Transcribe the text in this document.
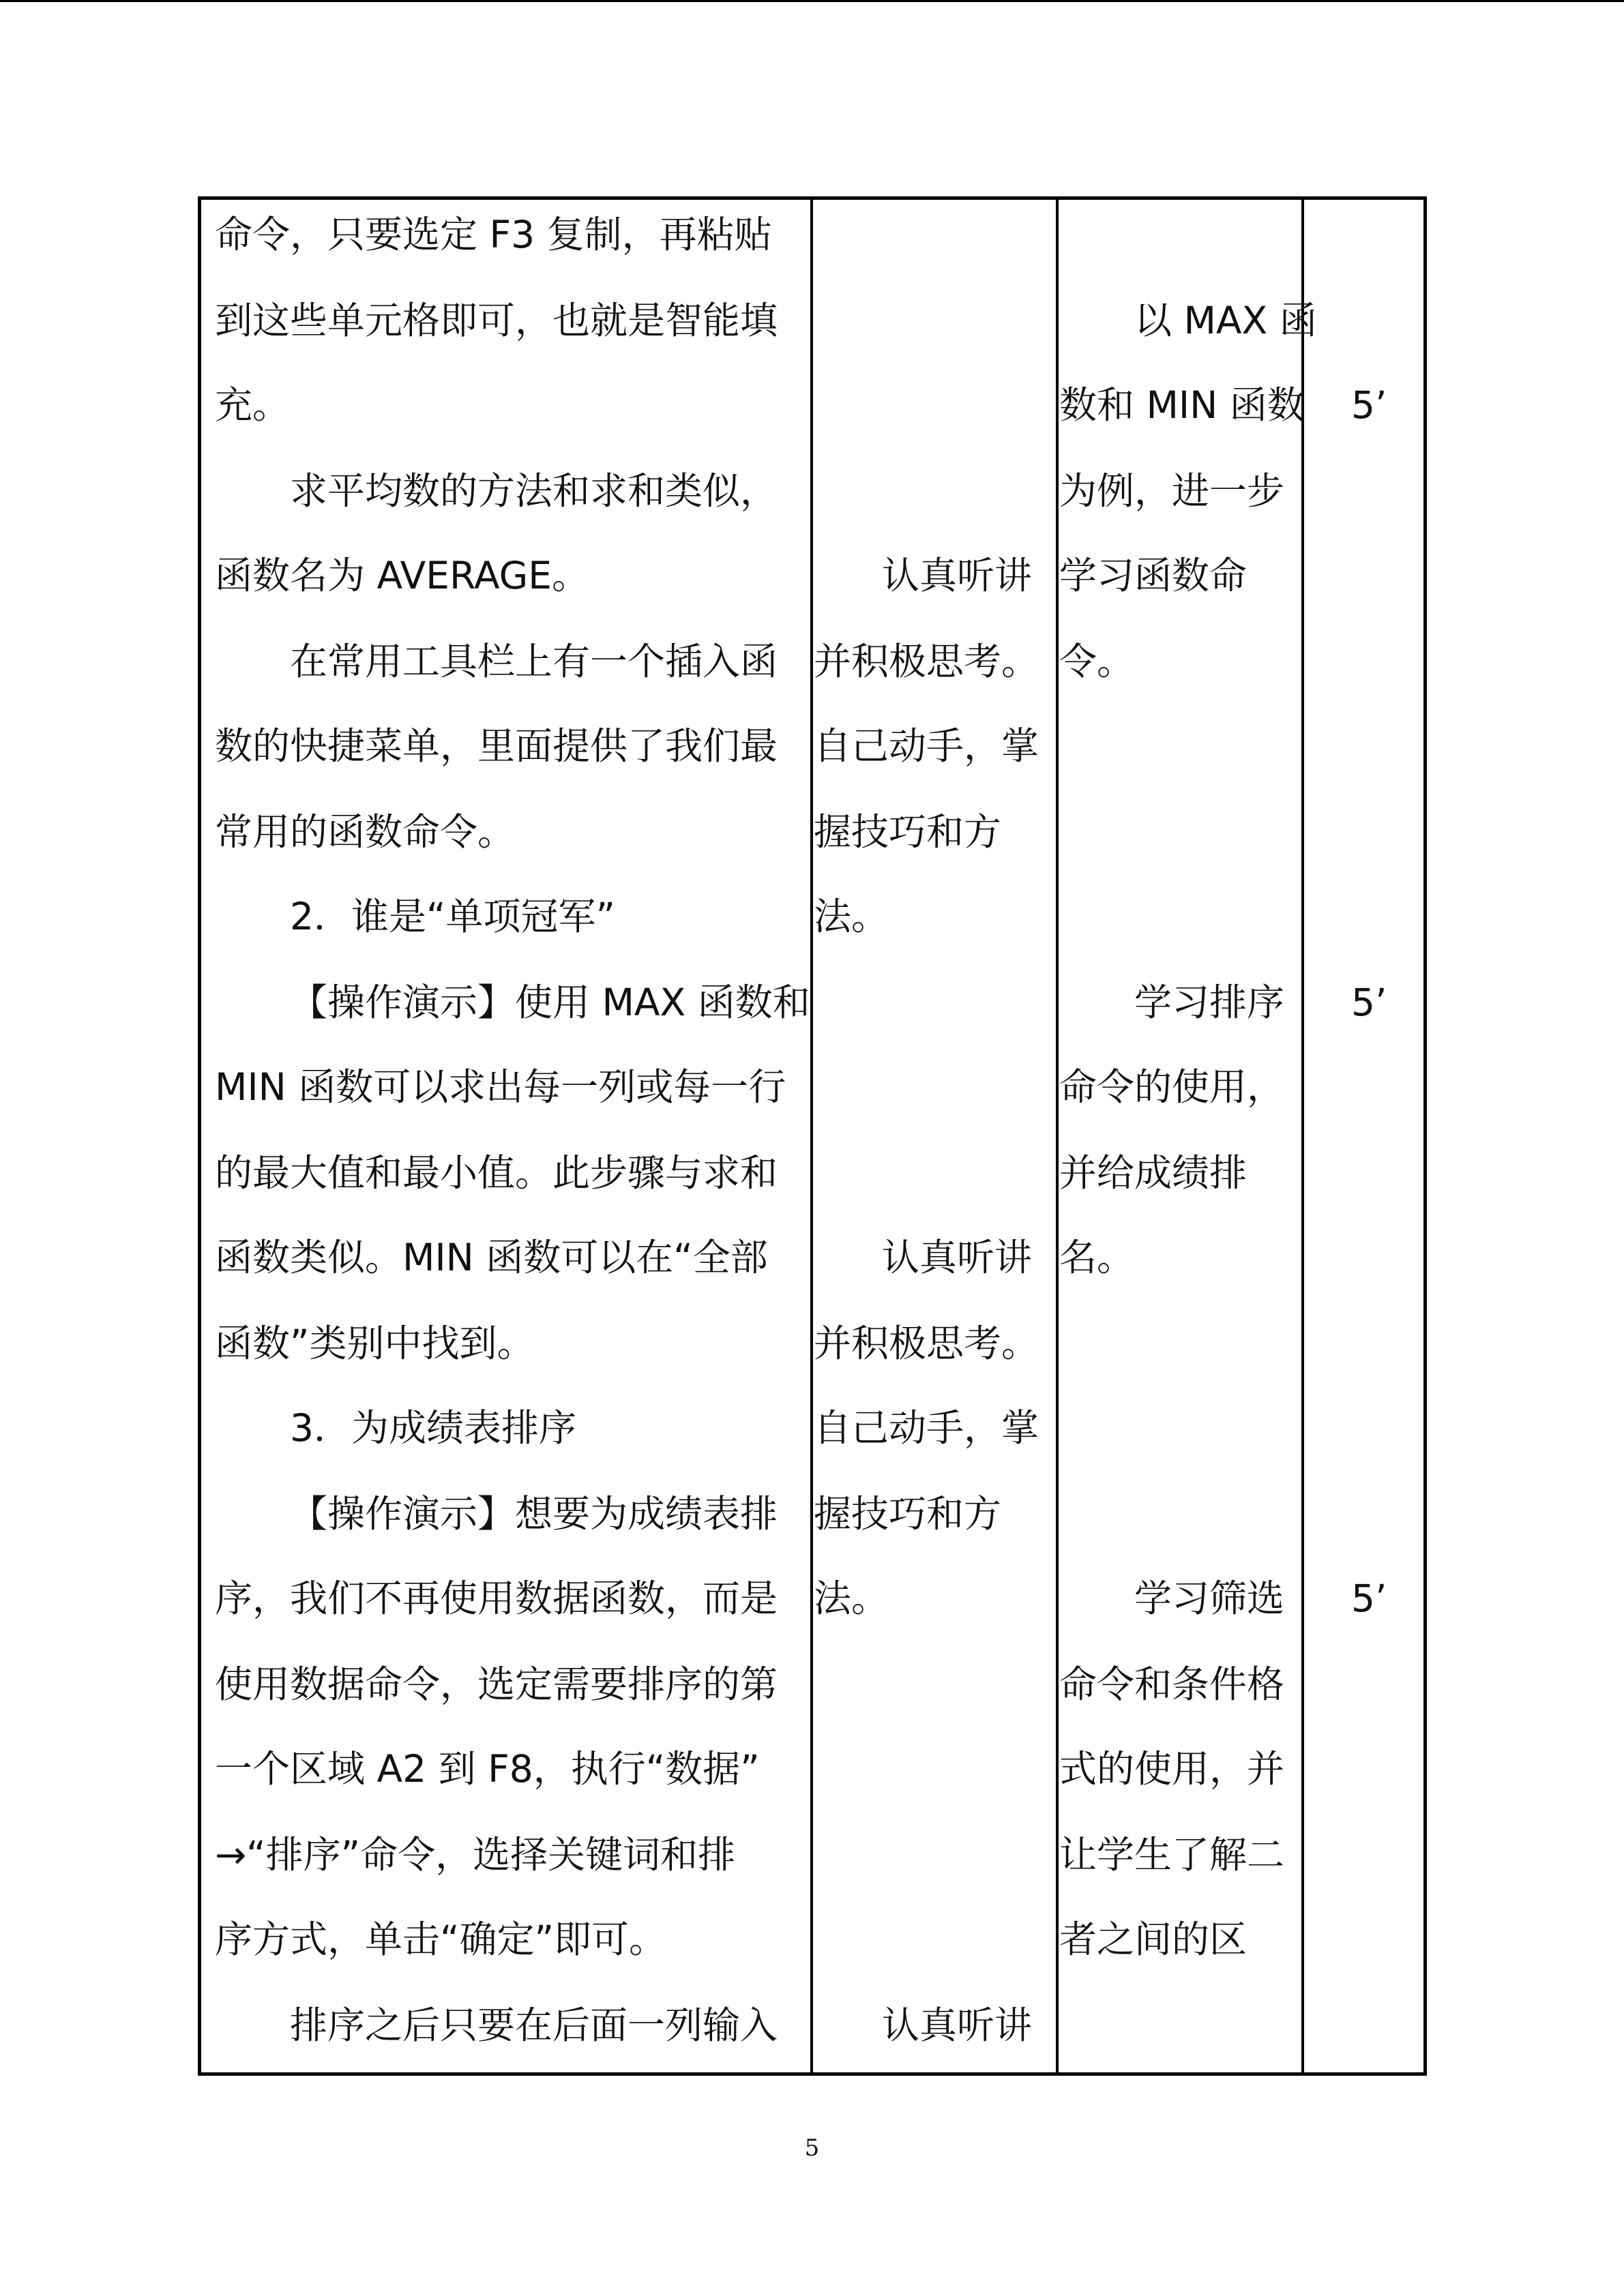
命令，只要选定 F3 复制，再粘贴
到这些单元格即可，也就是智能填
充。
求平均数的方法和求和类似，
函数名为 AVERAGE。
在常用工具栏上有一个插入函
数的快捷菜单，里面提供了我们最
常用的函数命令。
2．谁是“单项冠军”
【操作演示】使用 MAX 函数和
MIN 函数可以求出每一列或每一行
的最大值和最小值。此步骤与求和
函数类似。MIN 函数可以在“全部
函数”类别中找到。
3．为成绩表排序
【操作演示】想要为成绩表排
序，我们不再使用数据函数，而是
使用数据命令，选定需要排序的第
一个区域 A2 到 F8，执行“数据”
→“排序”命令，选择关键词和排
序方式，单击“确定”即可。
排序之后只要在后面一列输入
认真听讲
并积极思考。
自己动手，掌
握技巧和方
法。
认真听讲
并积极思考。
自己动手，掌
握技巧和方
法。
认真听讲
以 MAX 函
数和 MIN 函数
为例，进一步
学习函数命
令。
学习排序
命令的使用，
并给成绩排
名。
学习筛选
命令和条件格
式的使用，并
让学生了解二
者之间的区
5’
5’
5’
5
